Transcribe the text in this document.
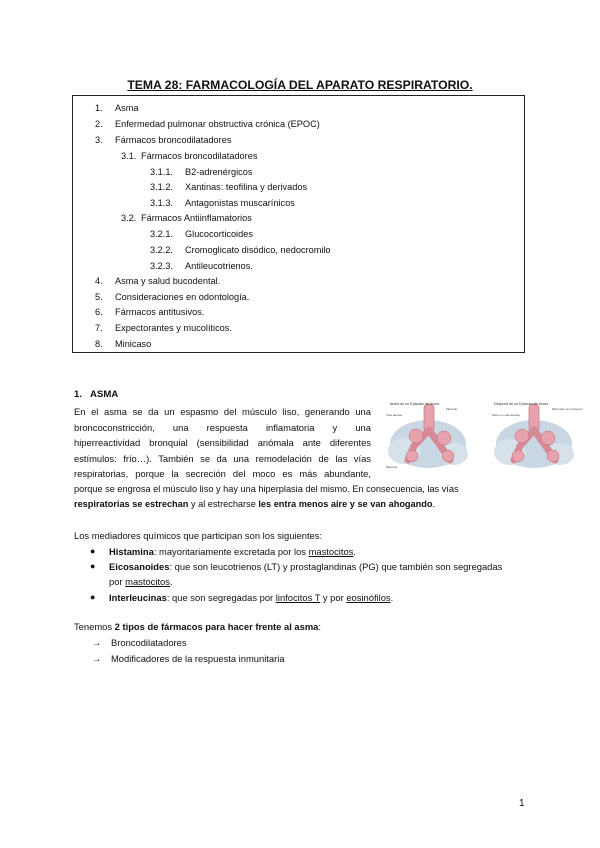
TEMA 28: FARMACOLOGÍA DEL APARATO RESPIRATORIO.
1. Asma
2. Enfermedad pulmonar obstructiva crónica (EPOC)
3. Fármacos broncodilatadores
3.1. Fármacos broncodilatadores
3.1.1. B2-adrenérgicos
3.1.2. Xantinas: teofilina y derivados
3.1.3. Antagonistas muscarínicos
3.2. Fármacos Antiinflamatorios
3.2.1. Glucocorticoides
3.2.2. Cromoglicato disódico, nedocromilo
3.2.3. Antileucotrienos.
4. Asma y salud bucodental.
5. Consideraciones en odontología.
6. Fármacos antitusivos.
7. Expectorantes y mucolíticos.
8. Minicaso
1. ASMA
En el asma se da un espasmo del músculo liso, generando una
broncoconstricción, una respuesta inflamatoria y una
hiperreactividad bronquial (sensibilidad anómala ante diferentes
estímulos: frío…). También se da una remodelación de las vías
respiratorias, porque la secreción del moco es más abundante,
porque se engrosa el músculo liso y hay una hiperplasia del mismo. En consecuencia, las vías
respiratorias se estrechan y al estrecharse les entra menos aire y se van ahogando.
Antes de un Episodio de Asma
Vías aéreas
Músculo
Músculo
Después de un Episodio de Asma
Músculos se tensionan
Moco en vías aéreas
Los mediadores químicos que participan son los siguientes:
● Histamina: mayoritariamente excretada por los mastocitos.
● Eicosanoides: que son leucotrienos (LT) y prostaglandinas (PG) que también son segregadas
por mastocitos.
● Interleucinas: que son segregadas por linfocitos T y por eosinófilos.
Tenemos 2 tipos de fármacos para hacer frente al asma:
→ Broncodilatadores
→ Modificadores de la respuesta inmunitaria
1
